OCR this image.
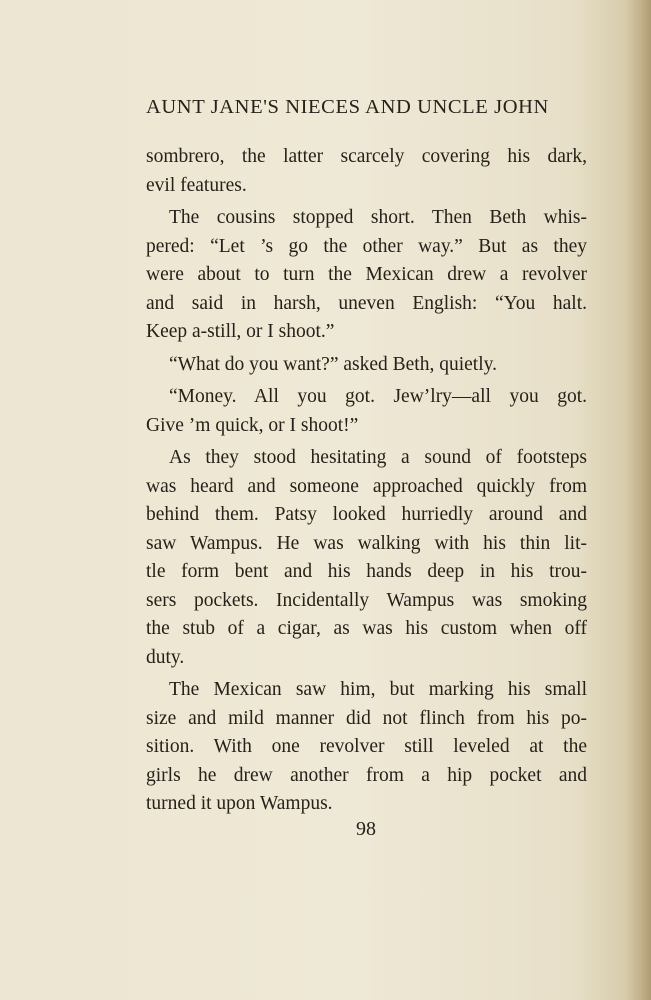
AUNT JANE'S NIECES AND UNCLE JOHN
sombrero, the latter scarcely covering his dark,
evil features.
The cousins stopped short. Then Beth whis-
pered: “Let ’s go the other way.” But as they
were about to turn the Mexican drew a revolver
and said in harsh, uneven English: “You halt.
Keep a-still, or I shoot.”
“What do you want?” asked Beth, quietly.
“Money. All you got. Jew’lry—all you got.
Give ’m quick, or I shoot!”
As they stood hesitating a sound of footsteps
was heard and someone approached quickly from
behind them. Patsy looked hurriedly around and
saw Wampus. He was walking with his thin lit-
tle form bent and his hands deep in his trou-
sers pockets. Incidentally Wampus was smoking
the stub of a cigar, as was his custom when off
duty.
The Mexican saw him, but marking his small
size and mild manner did not flinch from his po-
sition. With one revolver still leveled at the
girls he drew another from a hip pocket and
turned it upon Wampus.
98
